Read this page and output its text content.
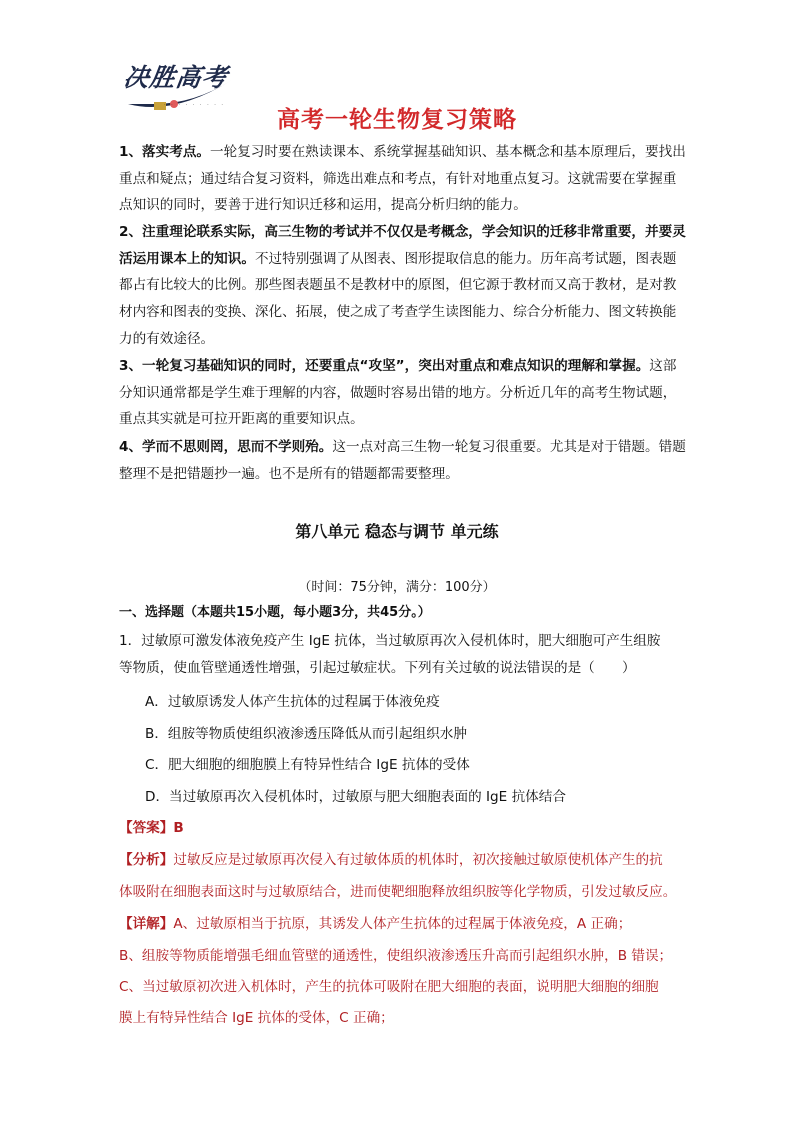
决胜高考
· · · · · · · · ·
高考一轮生物复习策略
1、落实考点。一轮复习时要在熟读课本、系统掌握基础知识、基本概念和基本原理后，要找出重点和疑点；通过结合复习资料，筛选出难点和考点，有针对地重点复习。这就需要在掌握重点知识的同时，要善于进行知识迁移和运用，提高分析归纳的能力。
2、注重理论联系实际，高三生物的考试并不仅仅是考概念，学会知识的迁移非常重要，并要灵活运用课本上的知识。不过特别强调了从图表、图形提取信息的能力。历年高考试题，图表题都占有比较大的比例。那些图表题虽不是教材中的原图，但它源于教材而又高于教材，是对教材内容和图表的变换、深化、拓展，使之成了考查学生读图能力、综合分析能力、图文转换能力的有效途径。
3、一轮复习基础知识的同时，还要重点“攻坚”，突出对重点和难点知识的理解和掌握。这部分知识通常都是学生难于理解的内容，做题时容易出错的地方。分析近几年的高考生物试题，重点其实就是可拉开距离的重要知识点。
4、学而不思则罔，思而不学则殆。这一点对高三生物一轮复习很重要。尤其是对于错题。错题整理不是把错题抄一遍。也不是所有的错题都需要整理。
第八单元 稳态与调节 单元练
（时间：75分钟，满分：100分）
一、选择题（本题共15小题，每小题3分，共45分。）
1．过敏原可激发体液免疫产生 IgE 抗体，当过敏原再次入侵机体时，肥大细胞可产生组胺
等物质，使血管壁通透性增强，引起过敏症状。下列有关过敏的说法错误的是（　　）
A．过敏原诱发人体产生抗体的过程属于体液免疫
B．组胺等物质使组织液渗透压降低从而引起组织水肿
C．肥大细胞的细胞膜上有特异性结合 IgE 抗体的受体
D．当过敏原再次入侵机体时，过敏原与肥大细胞表面的 IgE 抗体结合
【答案】B
【分析】过敏反应是过敏原再次侵入有过敏体质的机体时，初次接触过敏原使机体产生的抗
体吸附在细胞表面这时与过敏原结合，进而使靶细胞释放组织胺等化学物质，引发过敏反应。
【详解】A、过敏原相当于抗原，其诱发人体产生抗体的过程属于体液免疫，A 正确；
B、组胺等物质能增强毛细血管壁的通透性，使组织液渗透压升高而引起组织水肿，B 错误；
C、当过敏原初次进入机体时，产生的抗体可吸附在肥大细胞的表面，说明肥大细胞的细胞
膜上有特异性结合 IgE 抗体的受体，C 正确；
